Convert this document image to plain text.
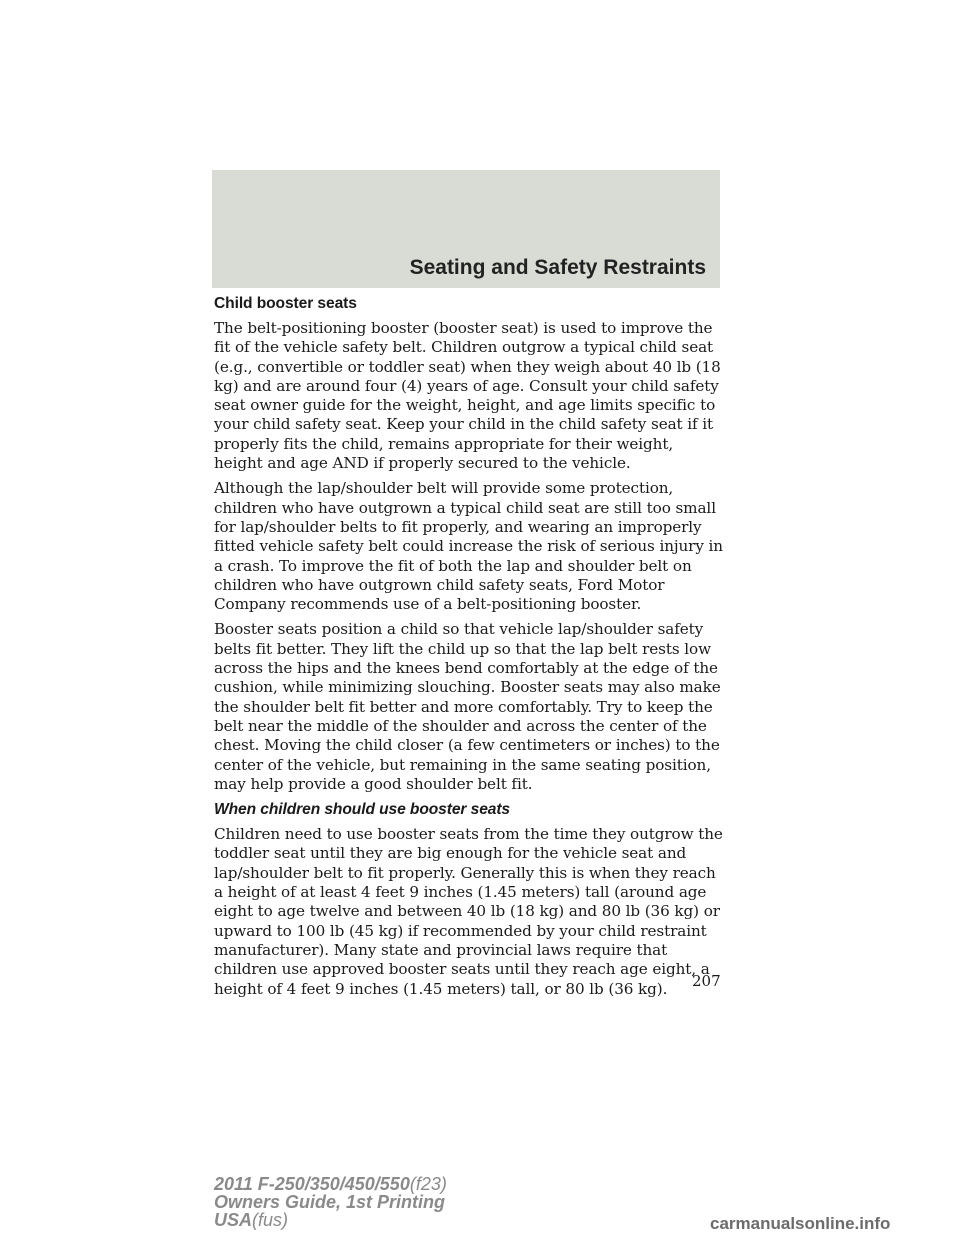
Seating and Safety Restraints
Child booster seats

The belt-positioning booster (booster seat) is used to improve the fit of the vehicle safety belt. Children outgrow a typical child seat (e.g., convertible or toddler seat) when they weigh about 40 lb (18 kg) and are around four (4) years of age. Consult your child safety seat owner guide for the weight, height, and age limits specific to your child safety seat. Keep your child in the child safety seat if it properly fits the child, remains appropriate for their weight, height and age AND if properly secured to the vehicle.

Although the lap/shoulder belt will provide some protection, children who have outgrown a typical child seat are still too small for lap/shoulder belts to fit properly, and wearing an improperly fitted vehicle safety belt could increase the risk of serious injury in a crash. To improve the fit of both the lap and shoulder belt on children who have outgrown child safety seats, Ford Motor Company recommends use of a belt-positioning booster.

Booster seats position a child so that vehicle lap/shoulder safety belts fit better. They lift the child up so that the lap belt rests low across the hips and the knees bend comfortably at the edge of the cushion, while minimizing slouching. Booster seats may also make the shoulder belt fit better and more comfortably. Try to keep the belt near the middle of the shoulder and across the center of the chest. Moving the child closer (a few centimeters or inches) to the center of the vehicle, but remaining in the same seating position, may help provide a good shoulder belt fit.

When children should use booster seats

Children need to use booster seats from the time they outgrow the toddler seat until they are big enough for the vehicle seat and lap/shoulder belt to fit properly. Generally this is when they reach a height of at least 4 feet 9 inches (1.45 meters) tall (around age eight to age twelve and between 40 lb (18 kg) and 80 lb (36 kg) or upward to 100 lb (45 kg) if recommended by your child restraint manufacturer). Many state and provincial laws require that children use approved booster seats until they reach age eight, a height of 4 feet 9 inches (1.45 meters) tall, or 80 lb (36 kg).	207
2011 F-250/350/450/550(f23)
Owners Guide, 1st Printing
USA(fus)	carmanualsonline.info
